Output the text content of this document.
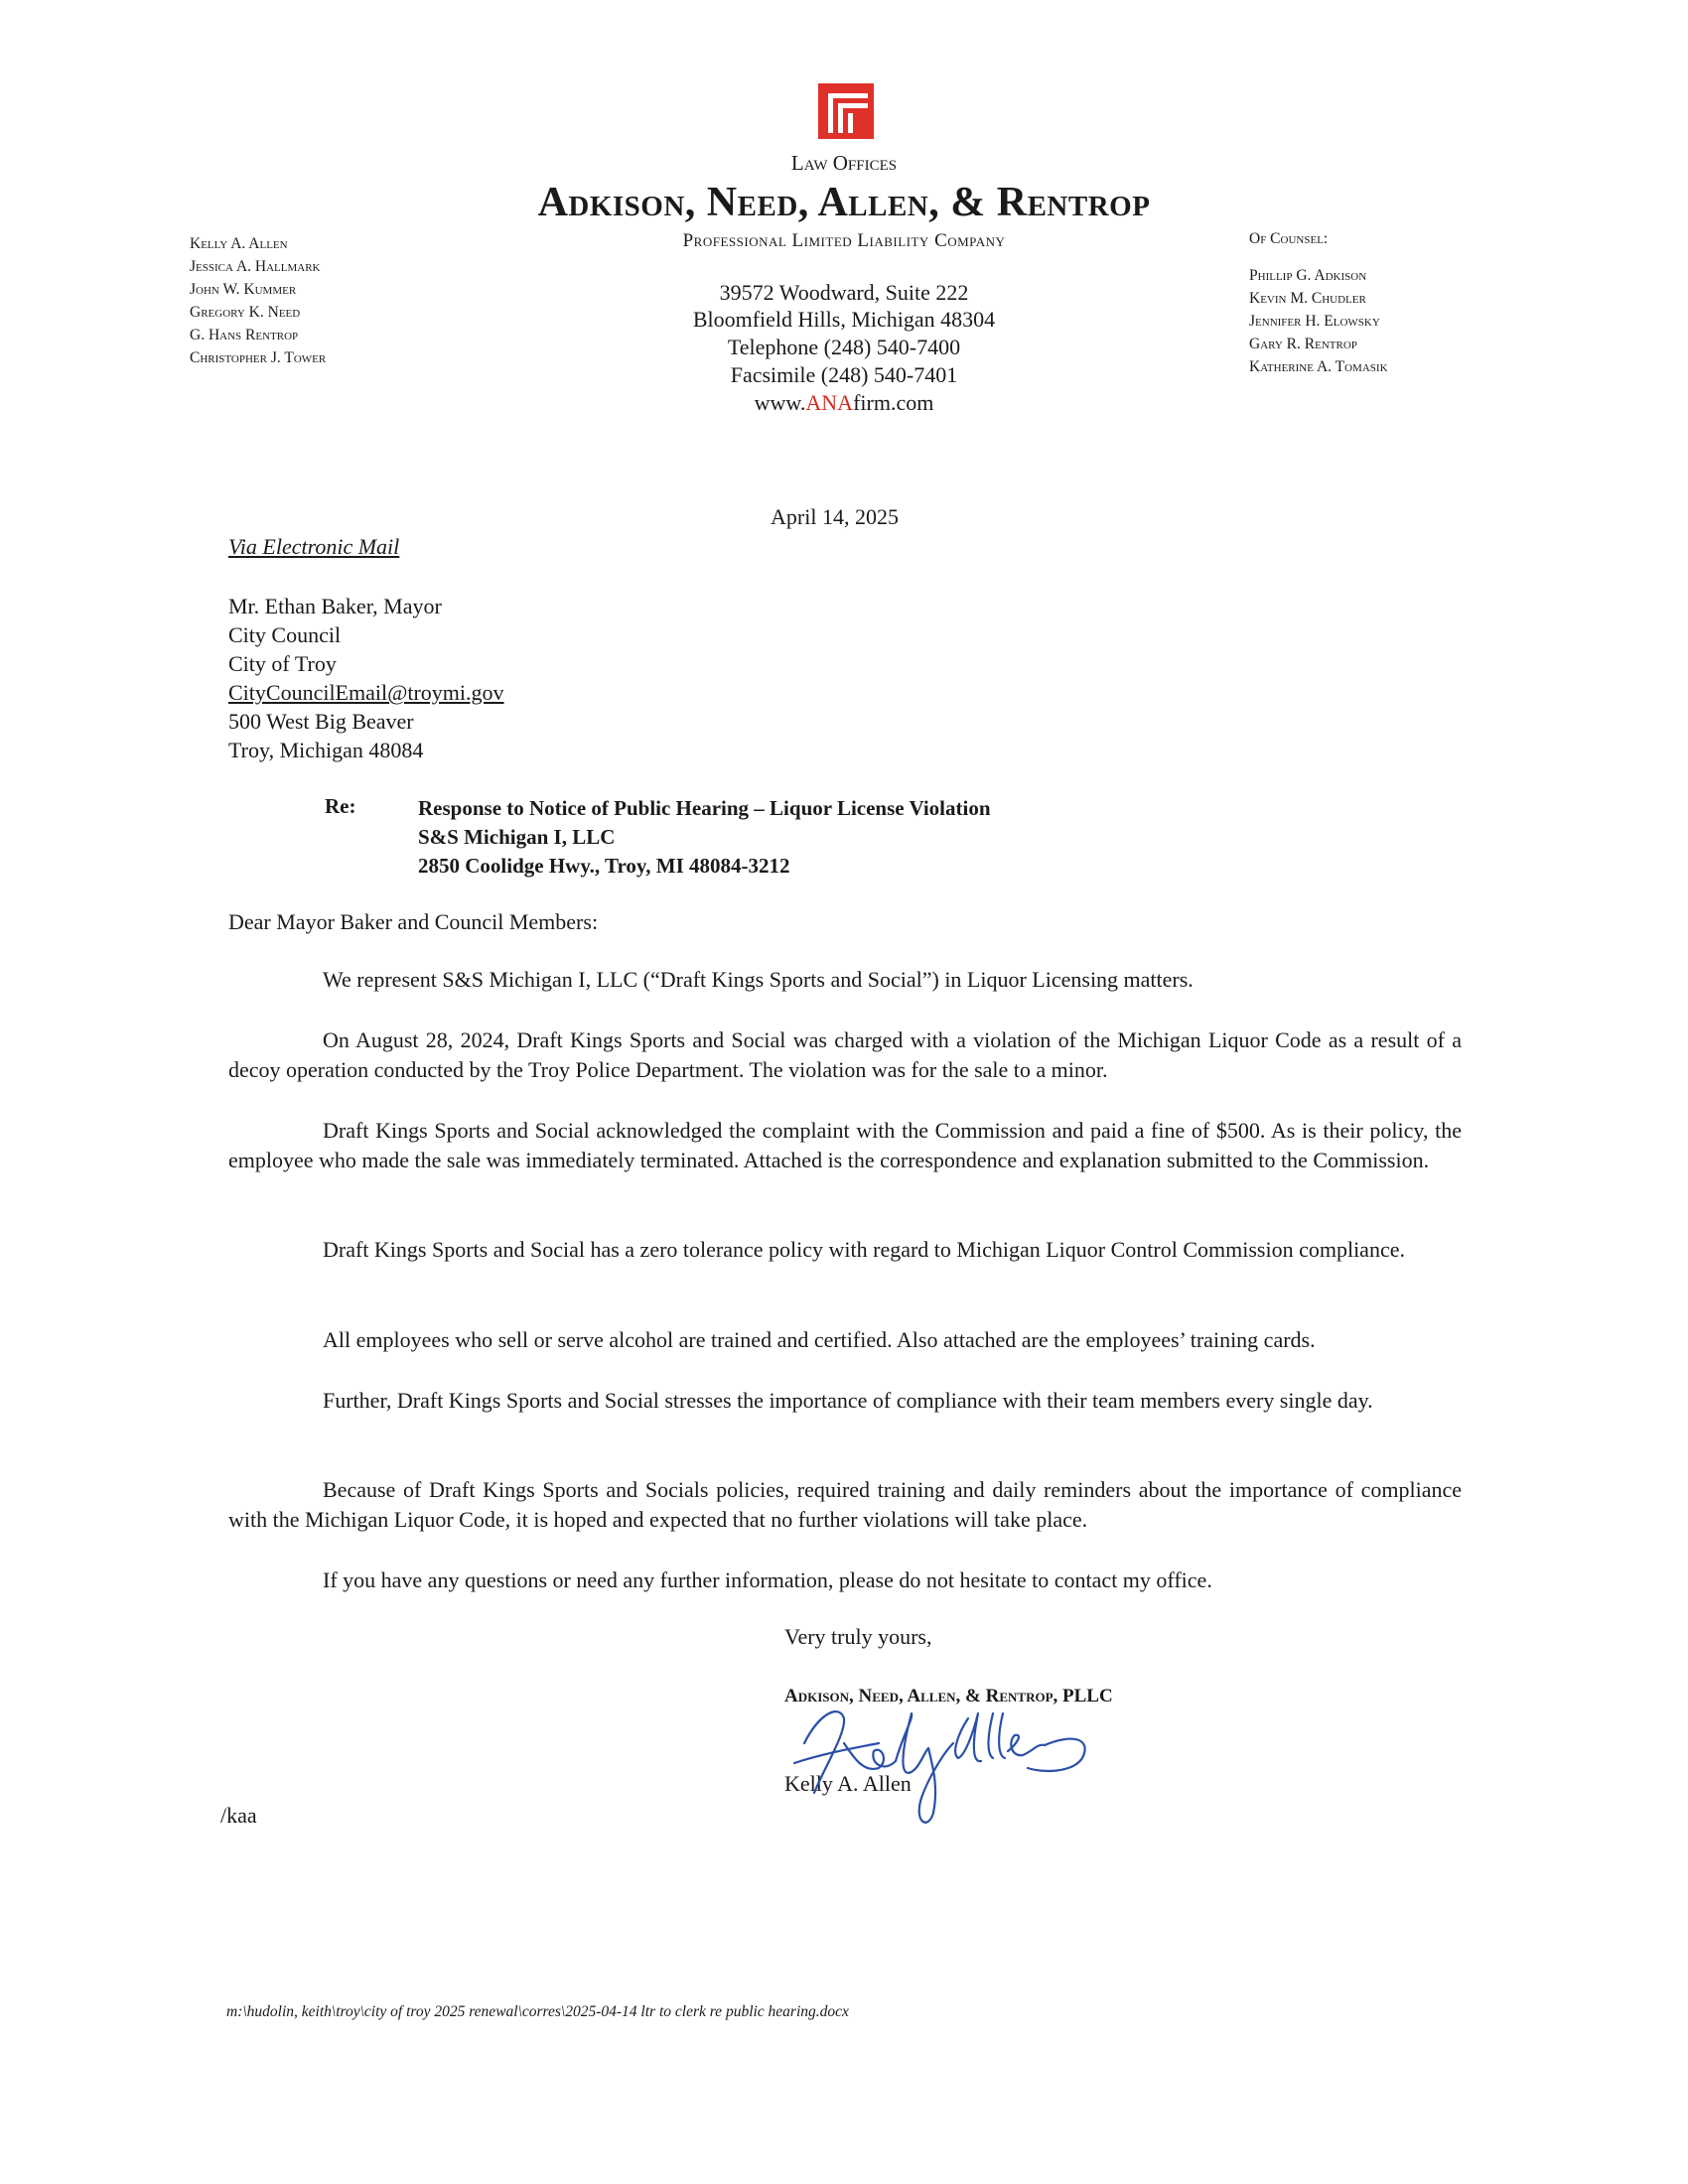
Law Offices
Adkison, Need, Allen, & Rentrop
Professional Limited Liability Company
39572 Woodward, Suite 222
Bloomfield Hills, Michigan 48304
Telephone (248) 540-7400
Facsimile (248) 540-7401
www.ANAfirm.com
Kelly A. Allen
Jessica A. Hallmark
John W. Kummer
Gregory K. Need
G. Hans Rentrop
Christopher J. Tower
Of Counsel:
Phillip G. Adkison
Kevin M. Chudler
Jennifer H. Elowsky
Gary R. Rentrop
Katherine A. Tomasik
April 14, 2025
Via Electronic Mail
Mr. Ethan Baker, Mayor
City Council
City of Troy
CityCouncilEmail@troymi.gov
500 West Big Beaver
Troy, Michigan 48084
Re:	Response to Notice of Public Hearing – Liquor License Violation
S&S Michigan I, LLC
2850 Coolidge Hwy., Troy, MI 48084-3212
Dear Mayor Baker and Council Members:
We represent S&S Michigan I, LLC (“Draft Kings Sports and Social”) in Liquor Licensing matters.
On August 28, 2024, Draft Kings Sports and Social was charged with a violation of the Michigan Liquor Code as a result of a decoy operation conducted by the Troy Police Department. The violation was for the sale to a minor.
Draft Kings Sports and Social acknowledged the complaint with the Commission and paid a fine of $500. As is their policy, the employee who made the sale was immediately terminated. Attached is the correspondence and explanation submitted to the Commission.
Draft Kings Sports and Social has a zero tolerance policy with regard to Michigan Liquor Control Commission compliance.
All employees who sell or serve alcohol are trained and certified. Also attached are the employees’ training cards.
Further, Draft Kings Sports and Social stresses the importance of compliance with their team members every single day.
Because of Draft Kings Sports and Socials policies, required training and daily reminders about the importance of compliance with the Michigan Liquor Code, it is hoped and expected that no further violations will take place.
If you have any questions or need any further information, please do not hesitate to contact my office.
Very truly yours,
Adkison, Need, Allen, & Rentrop, PLLC
Kelly A. Allen
/kaa
m:\hudolin, keith\troy\city of troy 2025 renewal\corres\2025-04-14 ltr to clerk re public hearing.docx
